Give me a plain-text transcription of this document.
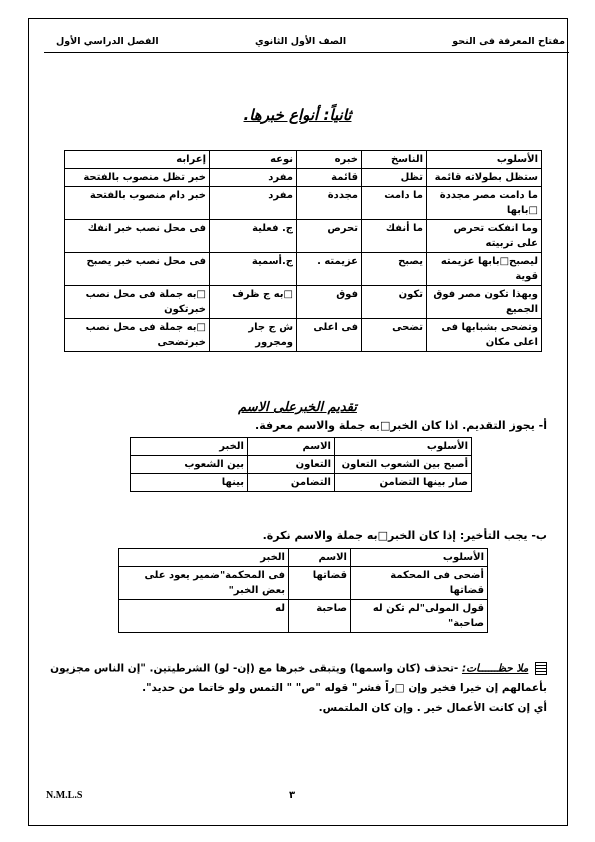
مفتاح المعرفة فى النحو
الصف الأول الثانوي
الفصل الدراسي الأول
ثانياً: أنواع خبرها.
الأسلوب	الناسخ	خبره	نوعه	إعرابه
ستظل بطولاته قائمة	تظل	قائمة	مفرد	خبر تظل منصوب بالفتحة
ما دامت مصر مجددة □بابها	ما دامت	مجددة	مفرد	خبر دام منصوب بالفتحة
وما انفكت تحرص على تربيته	ما أنفك	تحرص	ج. فعلية	فى محل نصب خبر انفك
ليصبح□بابها عزيمته قوية	يصبح	عزيمته .	ج.أسمية	فى محل نصب خبر يصبح
وبهذا تكون مصر فوق الجميع	تكون	فوق	□به ج ظرف	□به جملة فى محل نصب خبرتكون
وتضحى بشبابها فى اعلى مكان	تضحى	فى اعلى	ش ج جار ومجرور	□به جملة فى محل نصب خبرتضحى
تقديم الخبرعلى الاسم
أ- يجوز التقديم. اذا كان الخبر□به جملة والاسم معرفة.
الأسلوب	الاسم	الخبر
أصبح بين الشعوب التعاون	التعاون	بين الشعوب
صار بينها التضامن	التضامن	بينها
ب- يجب التأخير: إذا كان الخبر□به جملة والاسم نكرة.
الأسلوب	الاسم	الخبر
أضحى فى المحكمة قضاتها	قضاتها	فى المحكمة"ضمير يعود على بعض الخبر"
قول المولى"لم تكن له صاحبة"	صاحبة	له
ملا حظــــــات: -تحذف (كان واسمها) ويتبقى خبرها مع (إن- لو) الشرطيتين. "إن الناس مجزيون
بأعمالهم إن خيرا فخير وإن □راً فشر" قوله "ص" " التمس ولو خاتما من حديد".
أي إن كانت الأعمال خير . وإن كان الملتمس.
N.M.L.S	٣
